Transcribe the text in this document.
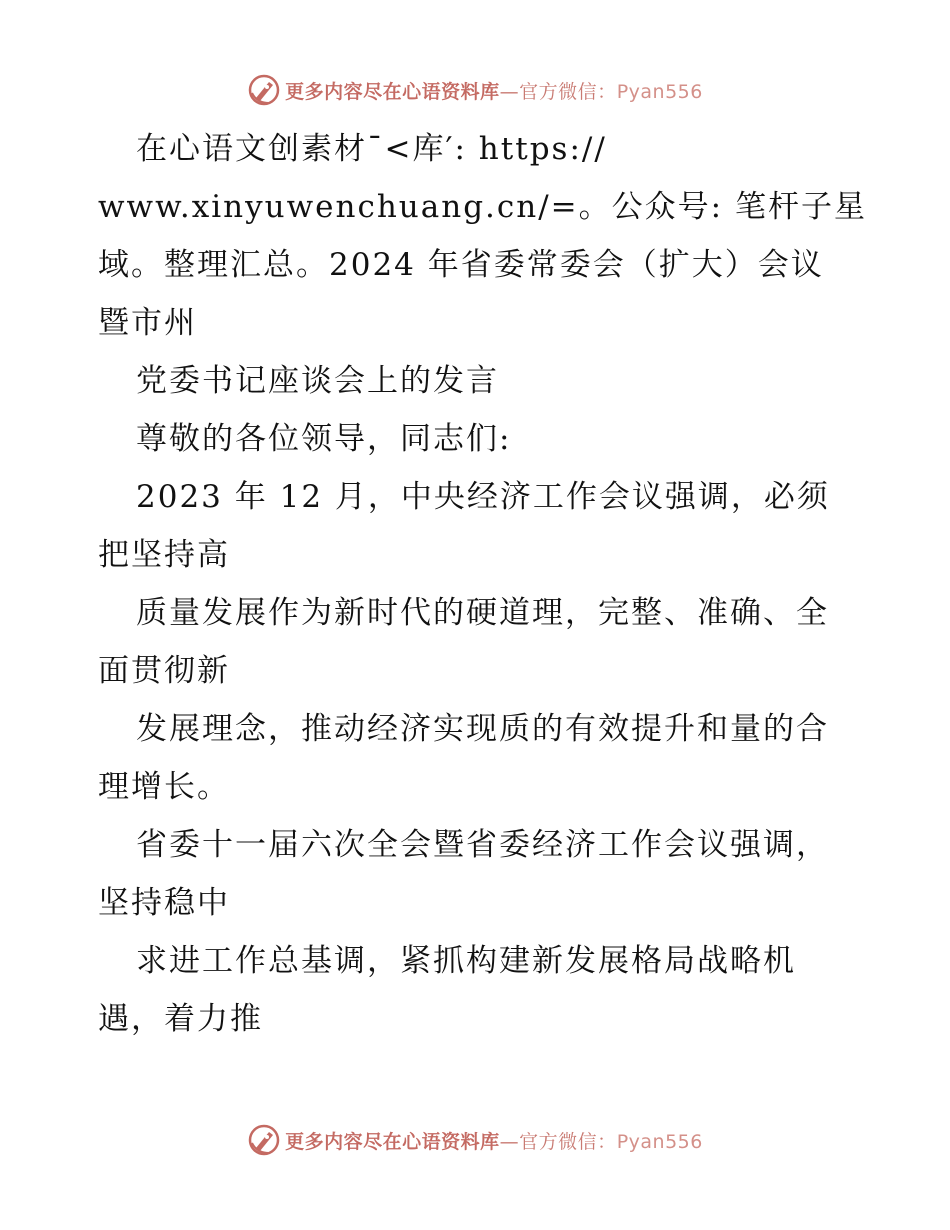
更多内容尽在心语资料库—官方微信：Pyan556
在心语文创素材¯<库′: https://
www.xinyuwenchuang.cn/=。公众号: 笔杆子星
域。整理汇总。2024 年省委常委会（扩大）会议
暨市州
党委书记座谈会上的发言
尊敬的各位领导，同志们:
2023 年 12 月，中央经济工作会议强调，必须
把坚持高
质量发展作为新时代的硬道理，完整、准确、全
面贯彻新
发展理念，推动经济实现质的有效提升和量的合
理增长。
省委十一届六次全会暨省委经济工作会议强调，
坚持稳中
求进工作总基调，紧抓构建新发展格局战略机
遇，着力推
更多内容尽在心语资料库—官方微信：Pyan556
